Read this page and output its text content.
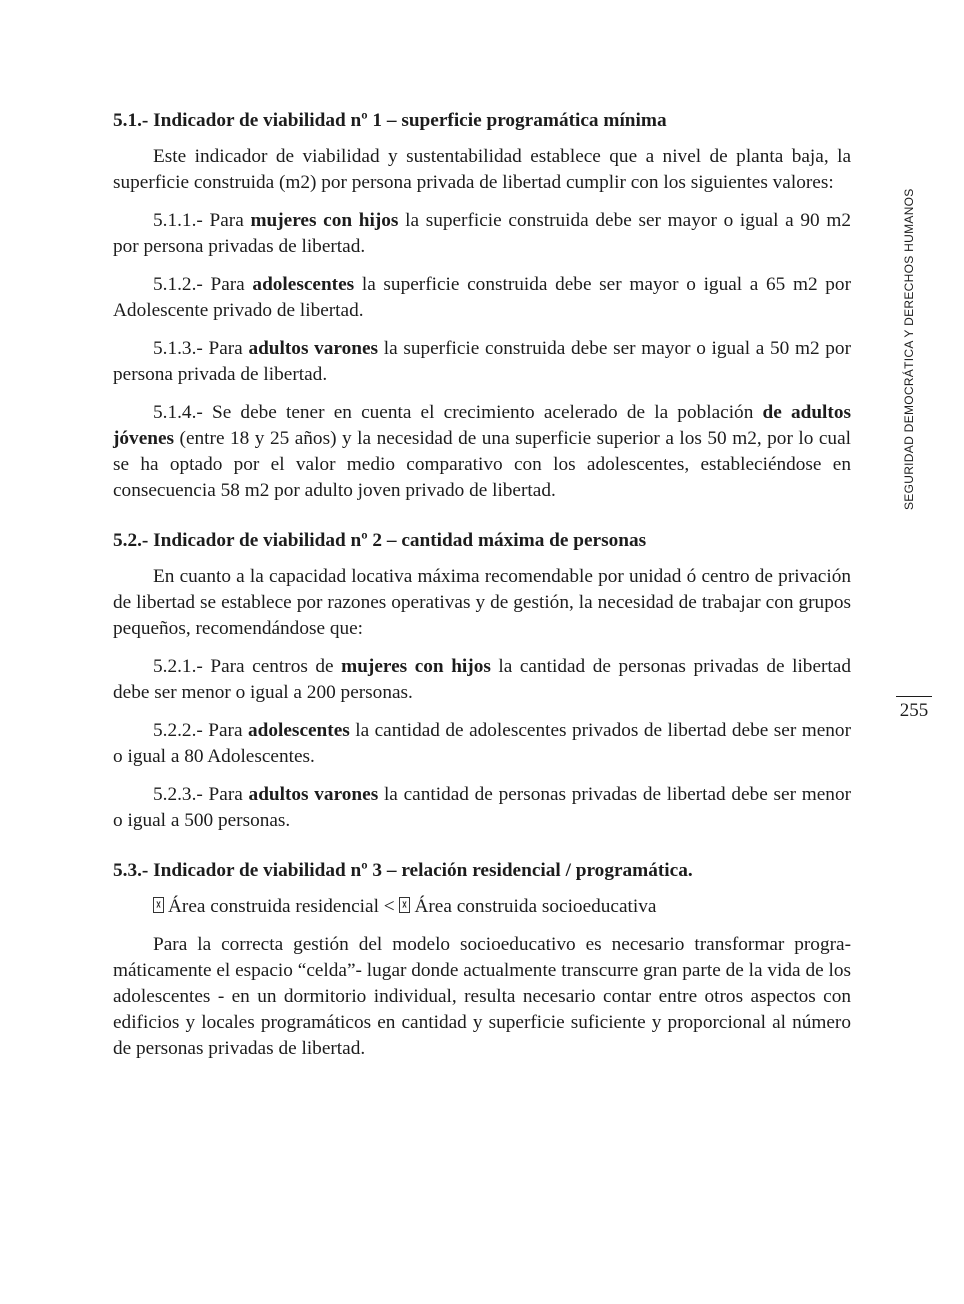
SEGURIDAD DEMOCRÁTICA Y DERECHOS HUMANOS
255
5.1.- Indicador de viabilidad nº 1 – superficie programática mínima

Este indicador de viabilidad y sustentabilidad establece que a nivel de planta baja, la superficie construida (m2) por persona privada de libertad cumplir con los siguientes valores:

5.1.1.- Para mujeres con hijos la superficie construida debe ser mayor o igual a 90 m2 por persona privadas de libertad.

5.1.2.- Para adolescentes la superficie construida debe ser mayor o igual a 65 m2 por Adolescente privado de libertad.

5.1.3.- Para adultos varones la superficie construida debe ser mayor o igual a 50 m2 por persona privada de libertad.

5.1.4.- Se debe tener en cuenta el crecimiento acelerado de la población de adultos jóvenes (entre 18 y 25 años) y la necesidad de una superficie superior a los 50 m2, por lo cual se ha optado por el valor medio comparativo con los adolescentes, estableciéndose en consecuencia 58 m2 por adulto joven privado de libertad.

5.2.- Indicador de viabilidad nº 2 – cantidad máxima de personas

En cuanto a la capacidad locativa máxima recomendable por unidad ó centro de privación de libertad se establece por razones operativas y de gestión, la necesidad de trabajar con grupos pequeños, recomendándose que:

5.2.1.- Para centros de mujeres con hijos la cantidad de personas privadas de libertad debe ser menor o igual a 200 personas.

5.2.2.- Para adolescentes la cantidad de adolescentes privados de libertad debe ser menor o igual a 80 Adolescentes.

5.2.3.- Para adultos varones la cantidad de personas privadas de libertad debe ser menor o igual a 500 personas.

5.3.- Indicador de viabilidad nº 3 – relación residencial / programática.

Área construida residencial < Área construida socioeducativa

Para la correcta gestión del modelo socioeducativo es necesario transformar programáticamente el espacio “celda”- lugar donde actualmente transcurre gran parte de la vida de los adolescentes - en un dormitorio individual, resulta necesario contar entre otros aspectos con edificios y locales programáticos en cantidad y superficie suficiente y proporcional al número de personas privadas de libertad.
